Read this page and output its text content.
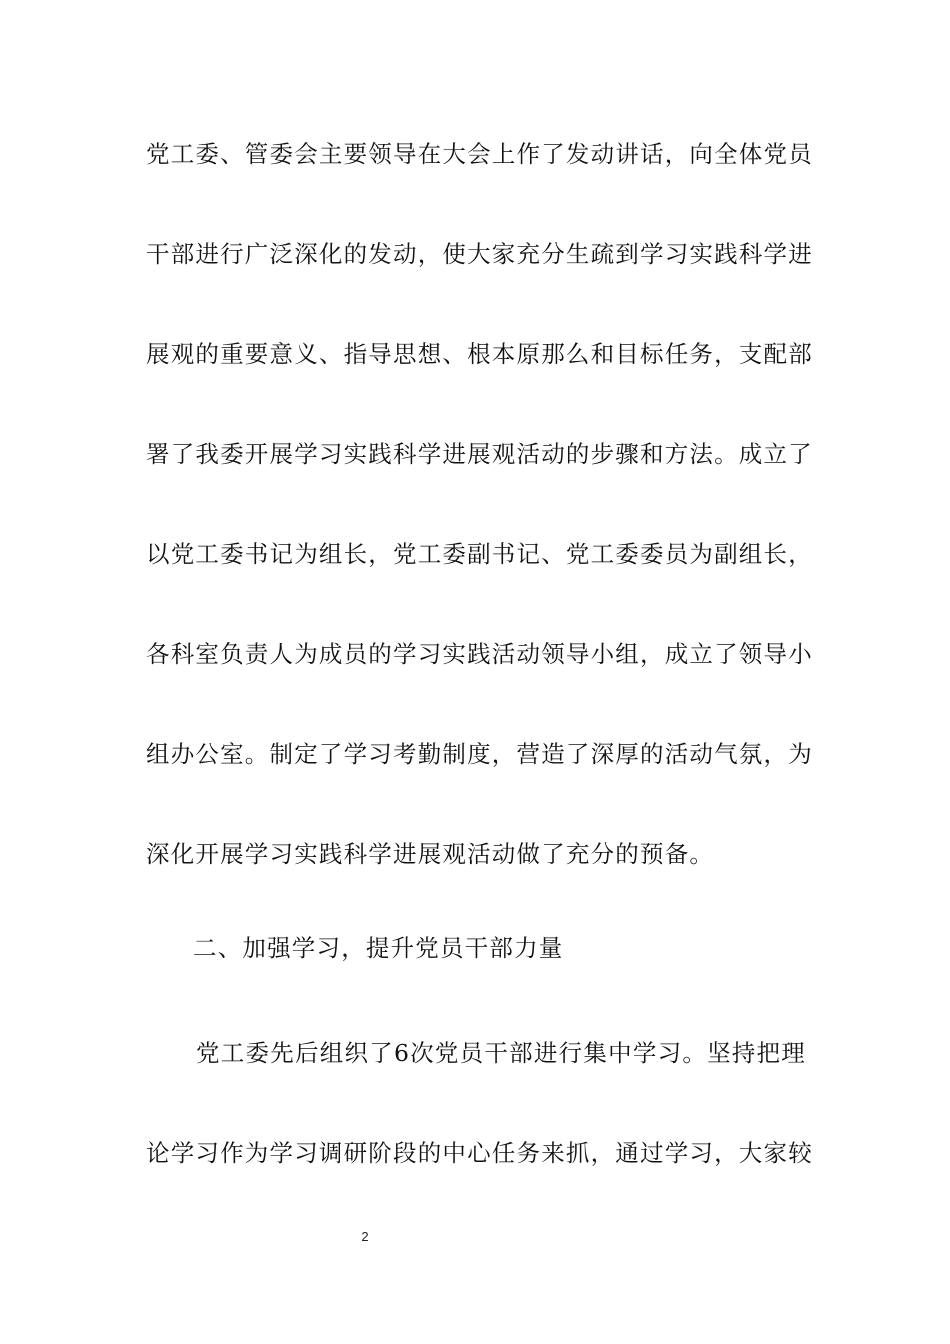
党工委、管委会主要领导在大会上作了发动讲话，向全体党员
干部进行广泛深化的发动，使大家充分生疏到学习实践科学进
展观的重要意义、指导思想、根本原那么和目标任务，支配部
署了我委开展学习实践科学进展观活动的步骤和方法。成立了
以党工委书记为组长，党工委副书记、党工委委员为副组长，
各科室负责人为成员的学习实践活动领导小组，成立了领导小
组办公室。制定了学习考勤制度，营造了深厚的活动气氛，为
深化开展学习实践科学进展观活动做了充分的预备。
二、加强学习，提升党员干部力量
党工委先后组织了6次党员干部进行集中学习。坚持把理
论学习作为学习调研阶段的中心任务来抓，通过学习，大家较
2
